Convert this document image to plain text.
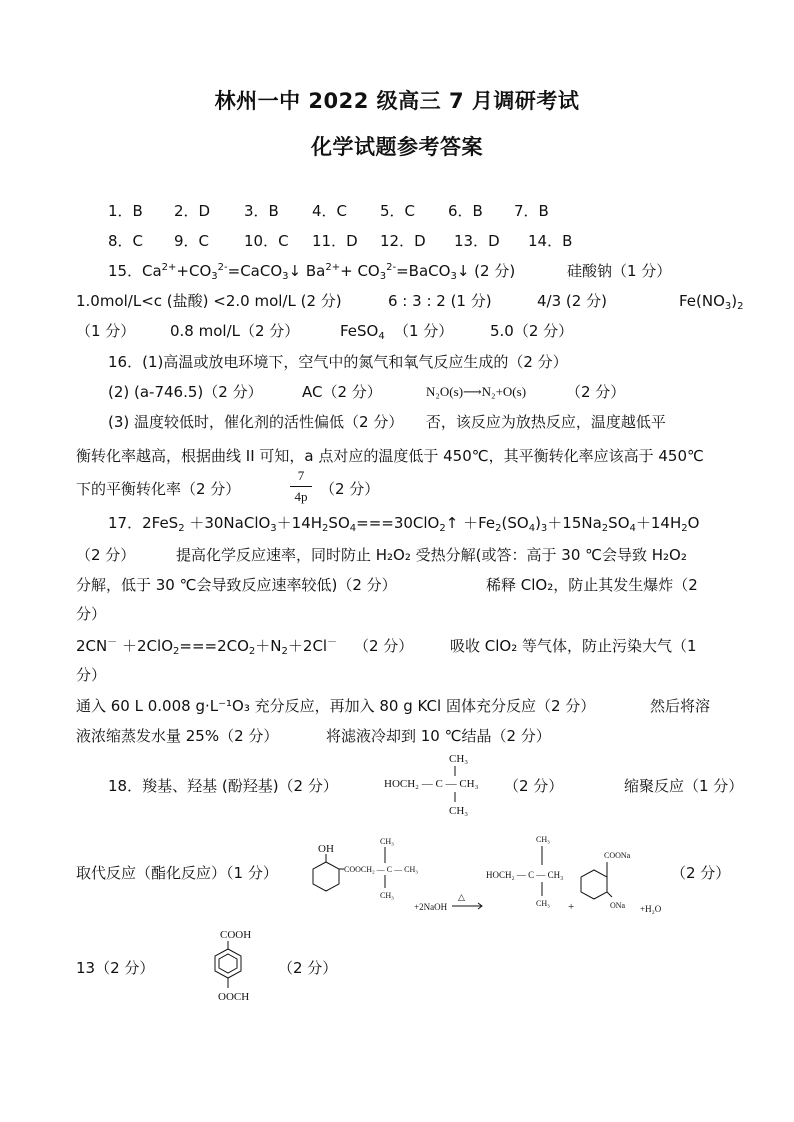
林州一中 2022 级高三 7 月调研考试
化学试题参考答案
1．B 2．D 3．B 4．C 5．C 6．B 7．B
8．C 9．C 10．C 11．D 12．D 13．D 14．B
15． $Ca^{2+}+CO_3^{2-}=CaCO_3↓$ $Ba^{2+}+$ $CO_3^{2-}=BaCO_3↓$ (2 分)	硅酸钠（1 分）
1.0mol/L<c (盐酸) <2.0 mol/L (2 分)	6 : 3 : 2 (1 分)	4/3 (2 分)	$Fe(NO_3)_2$
（1 分） 0.8 mol/L（2 分）	FeSO$_4$ （1 分） 5.0（2 分）
16．(1)高温或放电环境下，空气中的氮气和氧气反应生成的（2 分）
(2) (a-746.5)（2 分）	AC（2 分）	N₂O(s)⟶N₂+O(s)	（2 分）
(3) 温度较低时，催化剂的活性偏低（2 分）　　否，该反应为放热反应，温度越低平
衡转化率越高，根据曲线 II 可知，a 点对应的温度低于 450℃，其平衡转化率应该高于 450℃
下的平衡转化率（2 分）	（2 分）
7
4p
17．$2FeS_2 +30NaClO_3+14H_2SO_4===30ClO_2↑ +Fe_2(SO_4)_3+15Na_2SO_4+14H_2O$
（2 分）	提高化学反应速率，同时防止 H₂O₂ 受热分解(或答：高于 30 ℃会导致 H₂O₂
分解，低于 30 ℃会导致反应速率较低)（2 分）	稀释 ClO₂，防止其发生爆炸（2
分）
$2CN^- +2ClO_2===2CO_2+N_2+2Cl^-$ （2 分） 吸收 ClO₂ 等气体，防止污染大气（1
分）
通入 60 L 0.008 g·L⁻¹O₃ 充分反应，再加入 80 g KCl 固体充分反应（2 分）	然后将溶
液浓缩蒸发水量 25%（2 分）	将滤液冷却到 10 ℃结晶（2 分）
18．羧基、羟基 (酚羟基)（2 分）	（2 分）	缩聚反应（1 分）
CH₃
HOCH₂ — C — CH₃
CH₃
取代反应（酯化反应）（1 分）	（2 分）
OH
COOCH₂ — C — CH₃
CH₃
CH₃
+2NaOH
△
CH₃
HOCH₂ — C — CH₃
CH₃ +
COONa
ONa +H₂O
13（2 分）	（2 分）
COOH
OOCH
